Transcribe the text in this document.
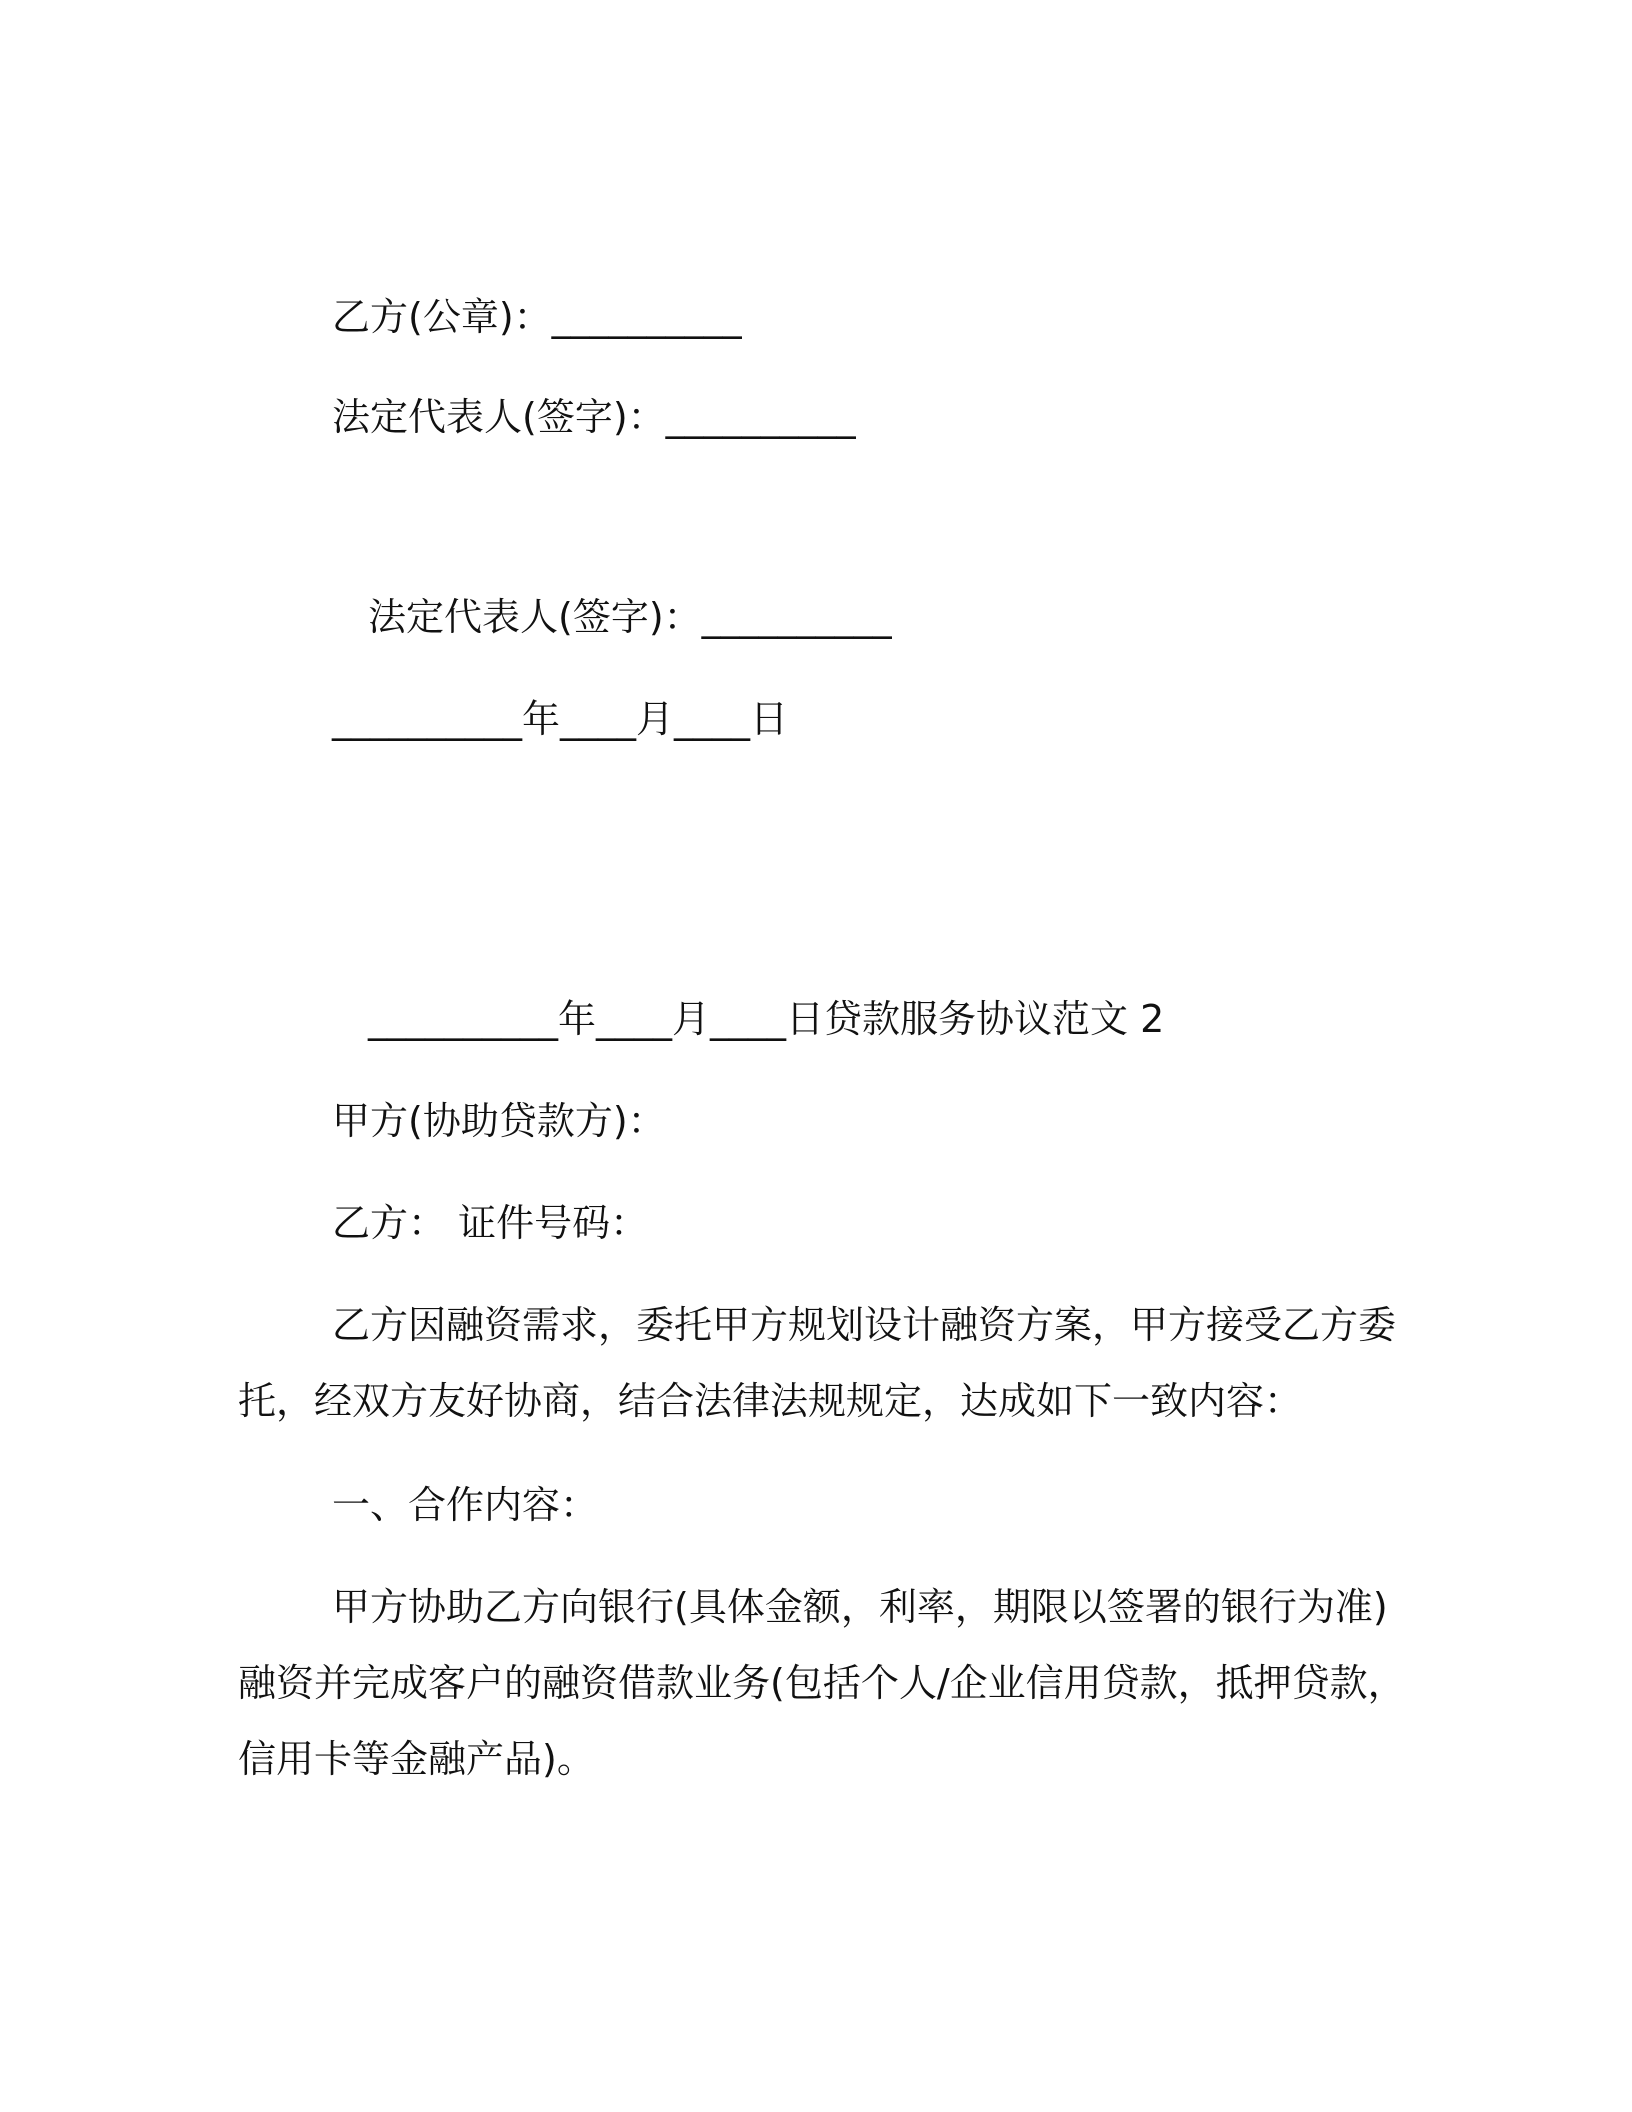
乙方(公章)：__________
法定代表人(签字)：__________
法定代表人(签字)：__________
__________年____月____日
__________年____月____日贷款服务协议范文 2
甲方(协助贷款方)：
乙方： 证件号码：
乙方因融资需求，委托甲方规划设计融资方案，甲方接受乙方委
托，经双方友好协商，结合法律法规规定，达成如下一致内容：
一、合作内容：
甲方协助乙方向银行(具体金额，利率，期限以签署的银行为准)
融资并完成客户的融资借款业务(包括个人/企业信用贷款，抵押贷款，
信用卡等金融产品)。
